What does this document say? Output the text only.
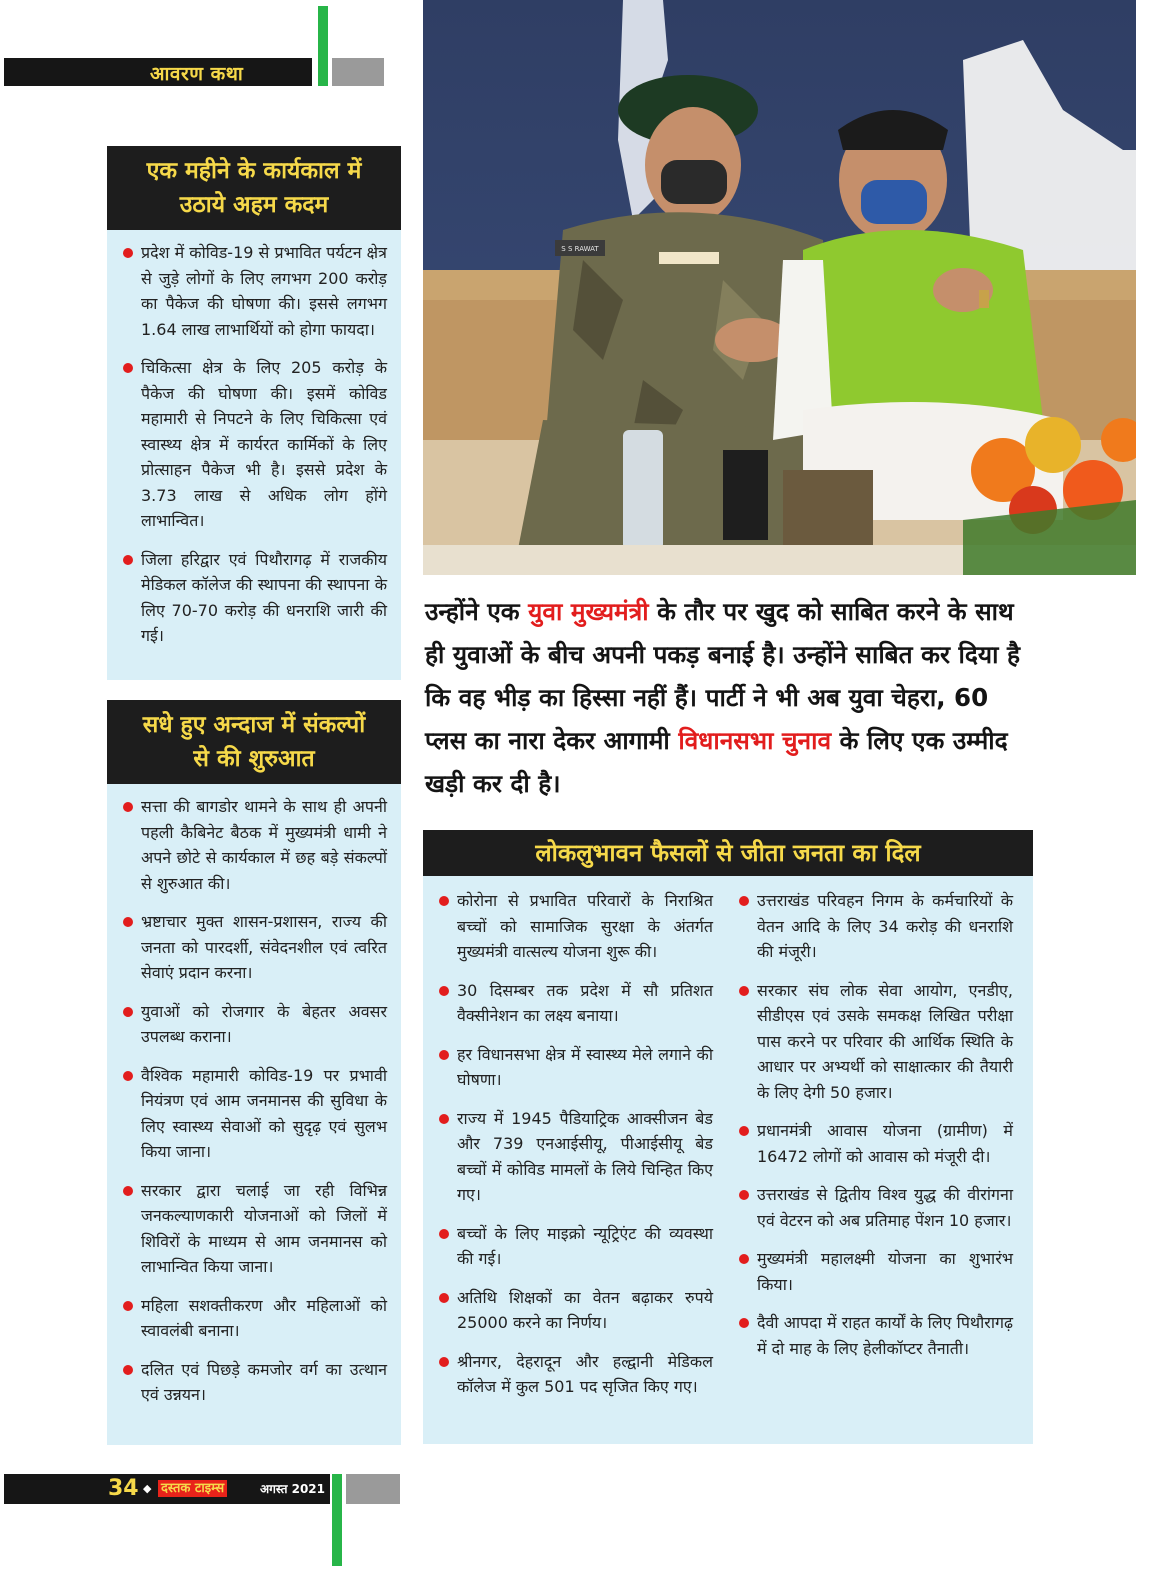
आवरण कथा
एक महीने के कार्यकाल में
उठाये अहम कदम
प्रदेश में कोविड-19 से प्रभावित पर्यटन क्षेत्र से जुड़े लोगों के लिए लगभग 200 करोड़ का पैकेज की घोषणा की। इससे लगभग 1.64 लाख लाभार्थियों को होगा फायदा।
चिकित्सा क्षेत्र के लिए 205 करोड़ के पैकेज की घोषणा की। इसमें कोविड महामारी से निपटने के लिए चिकित्सा एवं स्वास्थ्य क्षेत्र में कार्यरत कार्मिकों के लिए प्रोत्साहन पैकेज भी है। इससे प्रदेश के 3.73 लाख से अधिक लोग होंगे लाभान्वित।
जिला हरिद्वार एवं पिथौरागढ़ में राजकीय मेडिकल कॉलेज की स्थापना की स्थापना के लिए 70-70 करोड़ की धनराशि जारी की गई।
सधे हुए अन्दाज में संकल्पों
से की शुरुआत
सत्ता की बागडोर थामने के साथ ही अपनी पहली कैबिनेट बैठक में मुख्यमंत्री धामी ने अपने छोटे से कार्यकाल में छह बड़े संकल्पों से शुरुआत की।
भ्रष्टाचार मुक्त शासन-प्रशासन, राज्य की जनता को पारदर्शी, संवेदनशील एवं त्वरित सेवाएं प्रदान करना।
युवाओं को रोजगार के बेहतर अवसर उपलब्ध कराना।
वैश्विक महामारी कोविड-19 पर प्रभावी नियंत्रण एवं आम जनमानस की सुविधा के लिए स्वास्थ्य सेवाओं को सुदृढ़ एवं सुलभ किया जाना।
सरकार द्वारा चलाई जा रही विभिन्न जनकल्याणकारी योजनाओं को जिलों में शिविरों के माध्यम से आम जनमानस को लाभान्वित किया जाना।
महिला सशक्तीकरण और महिलाओं को स्वावलंबी बनाना।
दलित एवं पिछड़े कमजोर वर्ग का उत्थान एवं उन्नयन।
S S RAWAT
उन्होंने एक युवा मुख्यमंत्री के तौर पर खुद को साबित करने के साथ ही युवाओं के बीच अपनी पकड़ बनाई है। उन्होंने साबित कर दिया है कि वह भीड़ का हिस्सा नहीं हैं। पार्टी ने भी अब युवा चेहरा, 60 प्लस का नारा देकर आगामी विधानसभा चुनाव के लिए एक उम्मीद खड़ी कर दी है।
लोकलुभावन फैसलों से जीता जनता का दिल
कोरोना से प्रभावित परिवारों के निराश्रित बच्चों को सामाजिक सुरक्षा के अंतर्गत मुख्यमंत्री वात्सल्य योजना शुरू की।
30 दिसम्बर तक प्रदेश में सौ प्रतिशत वैक्सीनेशन का लक्ष्य बनाया।
हर विधानसभा क्षेत्र में स्वास्थ्य मेले लगाने की घोषणा।
राज्य में 1945 पैडियाट्रिक आक्सीजन बेड और 739 एनआईसीयू, पीआईसीयू बेड बच्चों में कोविड मामलों के लिये चिन्हित किए गए।
बच्चों के लिए माइक्रो न्यूट्रिएंट की व्यवस्था की गई।
अतिथि शिक्षकों का वेतन बढ़ाकर रुपये 25000 करने का निर्णय।
श्रीनगर, देहरादून और हल्द्वानी मेडिकल कॉलेज में कुल 501 पद सृजित किए गए।
उत्तराखंड परिवहन निगम के कर्मचारियों के वेतन आदि के लिए 34 करोड़ की धनराशि की मंजूरी।
सरकार संघ लोक सेवा आयोग, एनडीए, सीडीएस एवं उसके समकक्ष लिखित परीक्षा पास करने पर परिवार की आर्थिक स्थिति के आधार पर अभ्यर्थी को साक्षात्कार की तैयारी के लिए देगी 50 हजार।
प्रधानमंत्री आवास योजना (ग्रामीण) में 16472 लोगों को आवास को मंजूरी दी।
उत्तराखंड से द्वितीय विश्व युद्ध की वीरांगना एवं वेटरन को अब प्रतिमाह पेंशन 10 हजार।
मुख्यमंत्री महालक्ष्मी योजना का शुभारंभ किया।
दैवी आपदा में राहत कार्यों के लिए पिथौरागढ़ में दो माह के लिए हेलीकॉप्टर तैनाती।
34 ◆ दस्तक टाइम्स	अगस्त 2021
